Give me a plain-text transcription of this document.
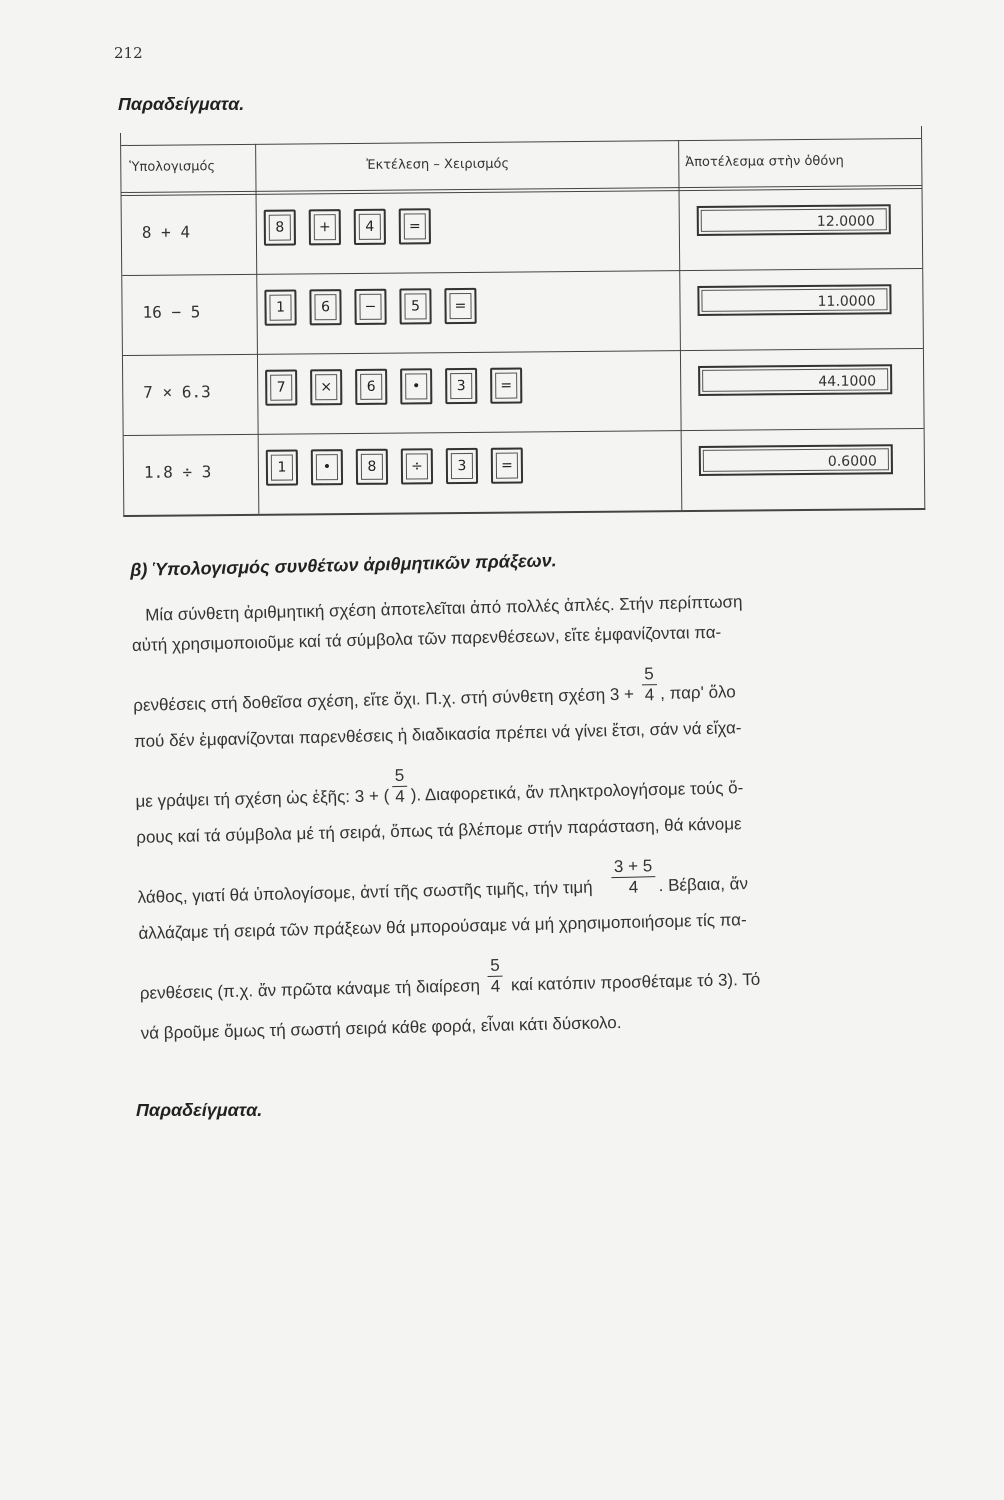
212
Παραδείγματα.
Ὑπολογισμός	Ἐκτέλεση – Χειρισμός	Ἀποτέλεσμα στὴν ὀθόνη
8 + 4	8	+	4	=	12.0000
16 − 5	1	6	−	5	=	11.0000
7 × 6.3	7	×	6	•	3	=	44.1000
1.8 ÷ 3	1	•	8	÷	3	=	0.6000
β) Ὑπολογισμός συνθέτων ἀριθμητικῶν πράξεων.
Μία σύνθετη ἀριθμητική σχέση ἀποτελεῖται ἀπό πολλές ἁπλές. Στήν περίπτωση
αὐτή χρησιμοποιοῦμε καί τά σύμβολα τῶν παρενθέσεων, εἴτε ἐμφανίζονται πα-
ρενθέσεις στή δοθεῖσα σχέση, εἴτε ὄχι. Π.χ. στή σύνθετη σχέση $3 + \frac{5}{4}$ , παρ' ὅλο
πού δέν ἐμφανίζονται παρενθέσεις ἡ διαδικασία πρέπει νά γίνει ἔτσι, σάν νά εἴχα-
με γράψει τή σχέση ὡς ἑξῆς: 3 + ( $\frac{5}{4}$ ). Διαφορετικά, ἄν πληκτρολογήσομε τούς ὅ-
ρους καί τά σύμβολα μέ τή σειρά, ὅπως τά βλέπομε στήν παράσταση, θά κάνομε
λάθος, γιατί θά ὑπολογίσομε, ἀντί τῆς σωστῆς τιμῆς, τήν τιμή $\frac{3 + 5}{4}$ . Βέβαια, ἄν
ἀλλάζαμε τή σειρά τῶν πράξεων θά μπορούσαμε νά μή χρησιμοποιήσομε τίς πα-
ρενθέσεις (π.χ. ἄν πρῶτα κάναμε τή διαίρεση $\frac{5}{4}$ καί κατόπιν προσθέταμε τό 3). Τό
νά βροῦμε ὅμως τή σωστή σειρά κάθε φορά, εἶναι κάτι δύσκολο.
Παραδείγματα.
